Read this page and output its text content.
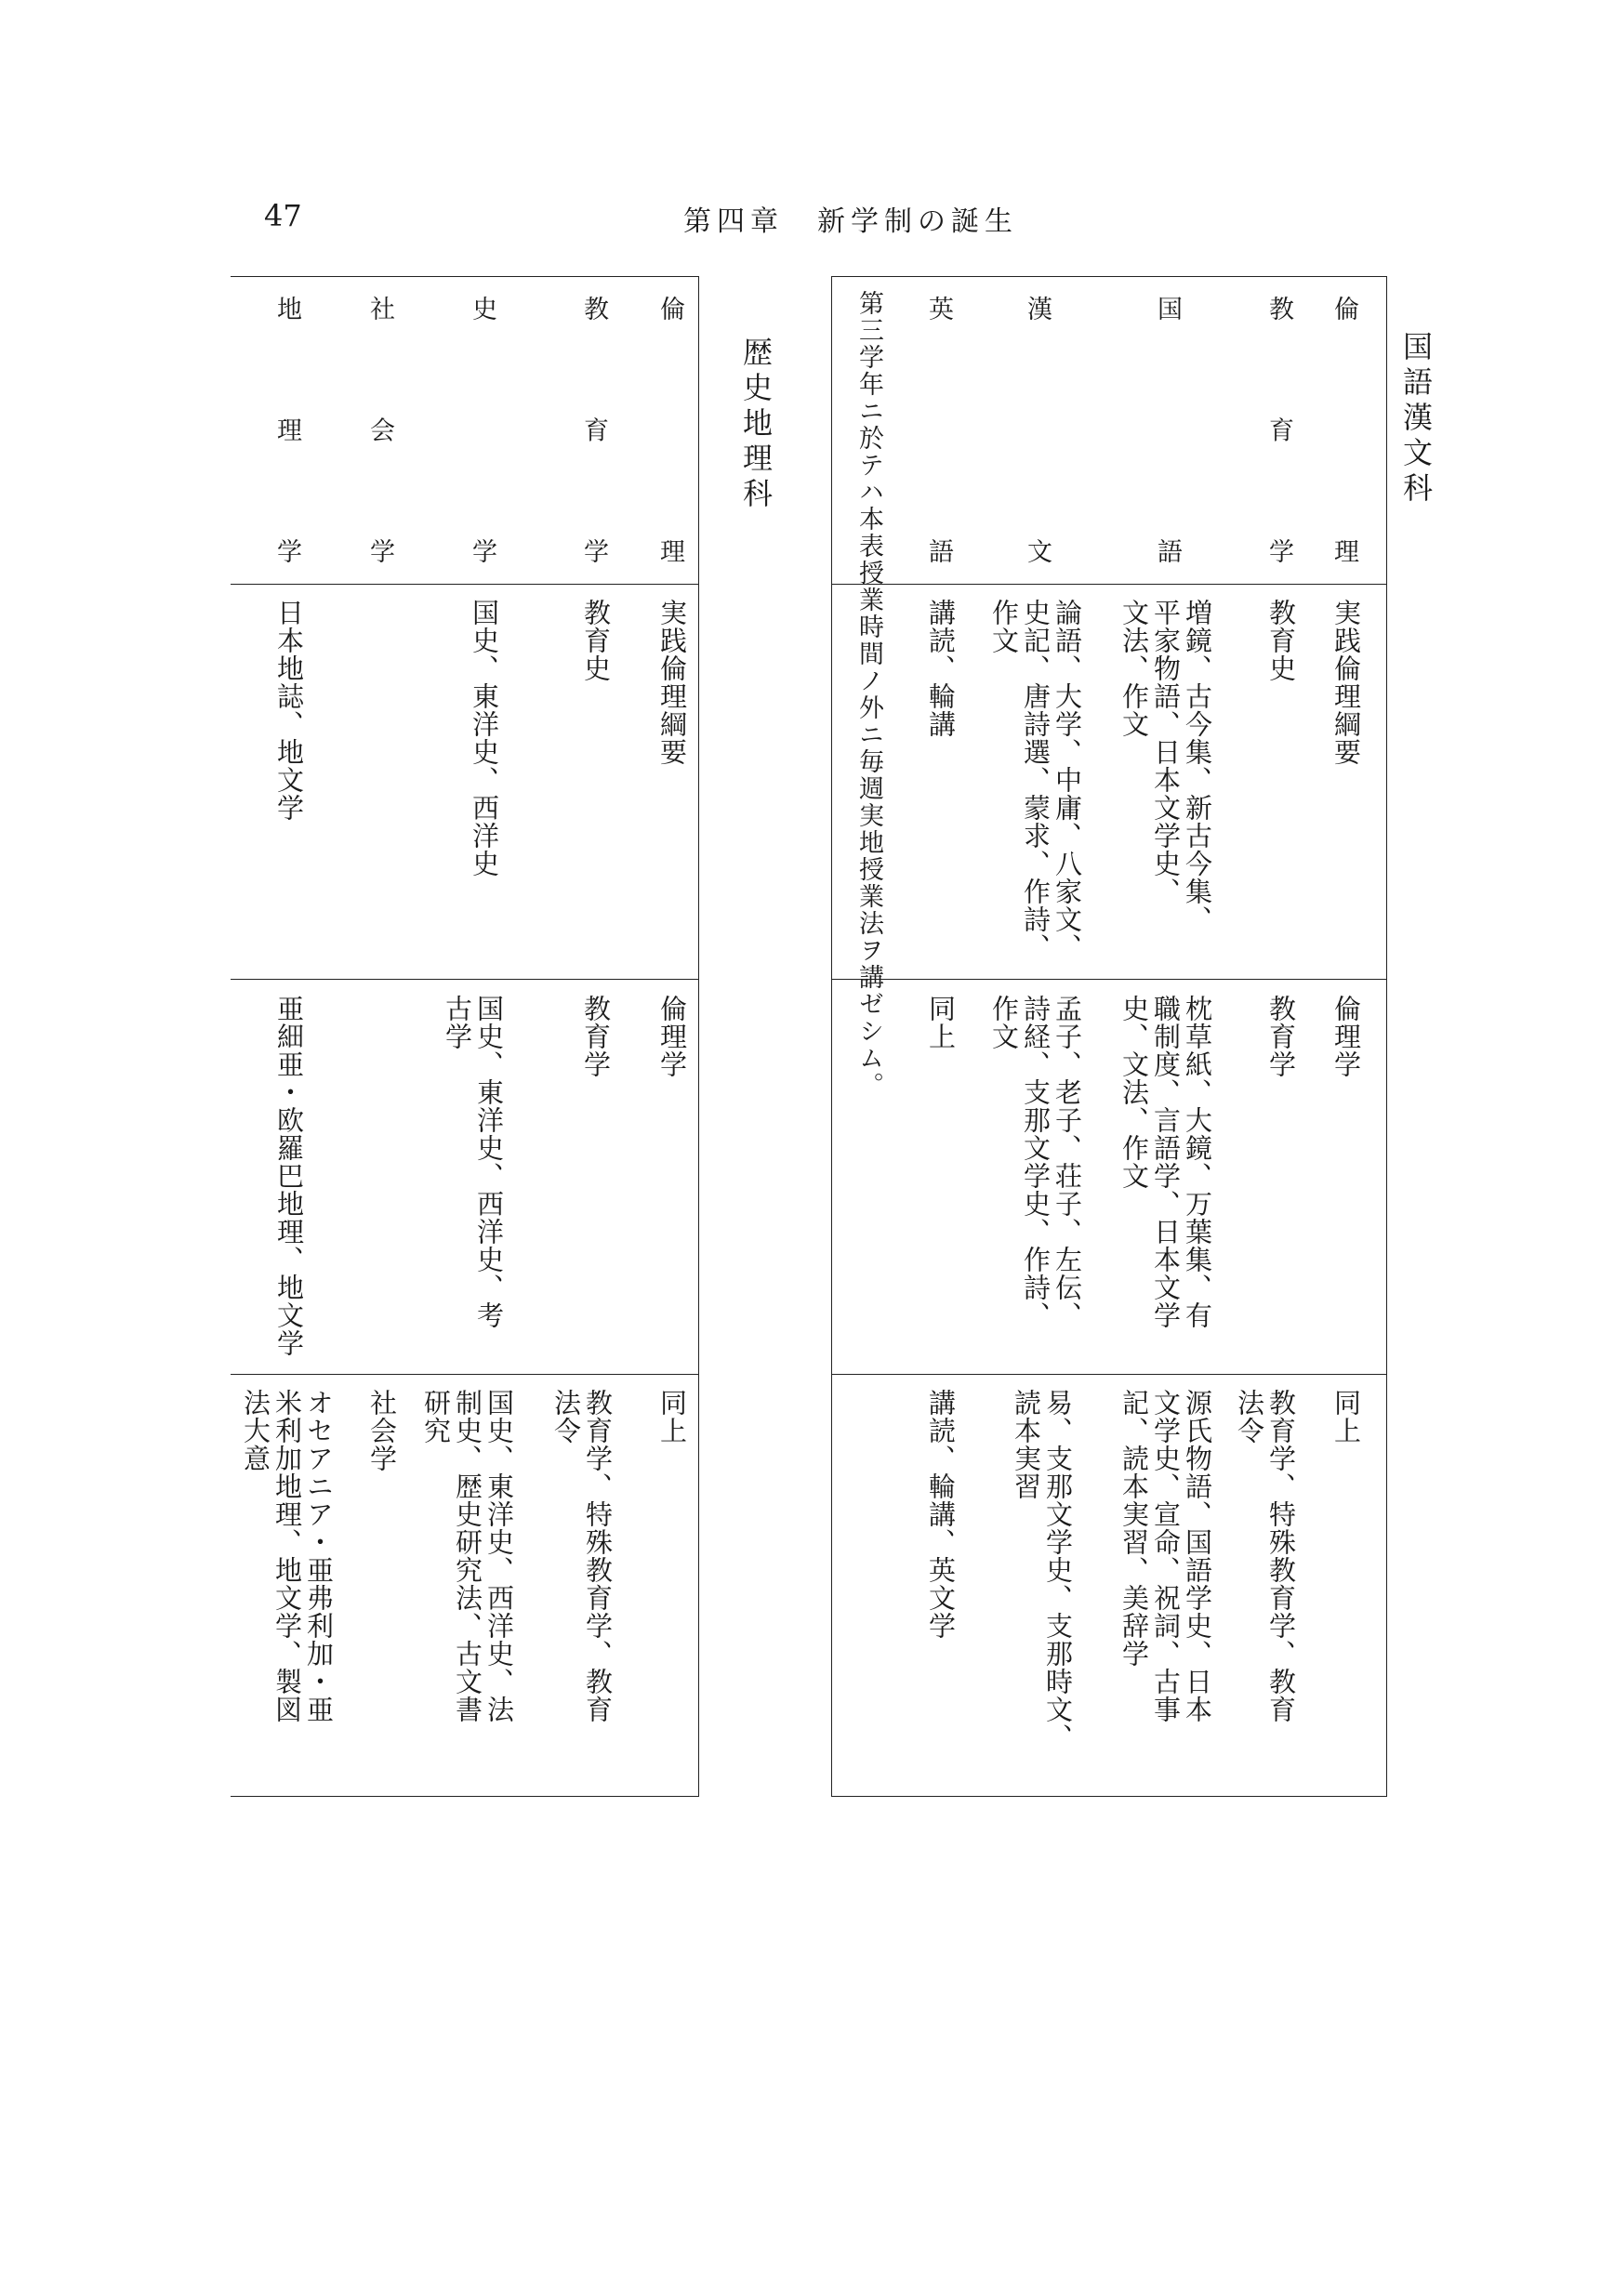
47	第四章　新学制の誕生
国語漢文科
第三学年ニ於テハ本表授業時間ノ外ニ毎週実地授業法ヲ講ゼシム。	倫理
教育学
国語
漢文
英語
実践倫理綱要
教育史
増鏡、古今集、新古今集、
平家物語、日本文学史、
文法、作文
論語、大学、中庸、八家文、
史記、唐詩選、蒙求、作詩、
作文
講読、輪講
倫理学
教育学
枕草紙、大鏡、万葉集、有
職制度、言語学、日本文学
史、文法、作文
孟子、老子、荘子、左伝、
詩経、支那文学史、作詩、
作文
同上
同上
教育学、特殊教育学、教育
法令
源氏物語、国語学史、日本
文学史、宣命、祝詞、古事
記、読本実習、美辞学
易、支那文学史、支那時文、
読本実習
講読、輪講、英文学
歴史地理科
倫理
教育学
史学
社会学
地理学
実践倫理綱要
教育史
国史、東洋史、西洋史
日本地誌、地文学
倫理学
教育学
国史、東洋史、西洋史、考
古学
亜細亜・欧羅巴地理、地文学
同上
教育学、特殊教育学、教育
法令
国史、東洋史、西洋史、法
制史、歴史研究法、古文書
研究
社会学
オセアニア・亜弗利加・亜
米利加地理、地文学、製図
法大意
